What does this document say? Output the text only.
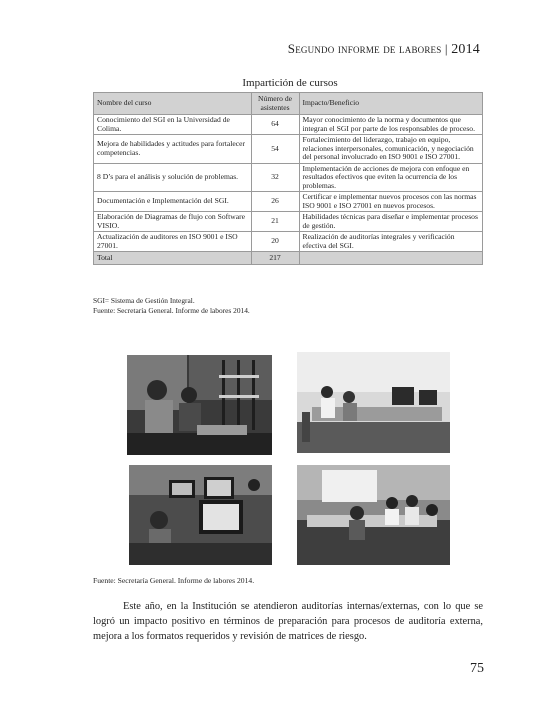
Segundo informe de labores | 2014
Impartición de cursos
Nombre del curso	Número de asistentes	Impacto/Beneficio
Conocimiento del SGI en la Universidad de Colima.	64	Mayor conocimiento de la norma y documentos que integran el SGI por parte de los responsables de proceso.
Mejora de habilidades y actitudes para fortalecer competencias.	54	Fortalecimiento del liderazgo, trabajo en equipo, relaciones interpersonales, comunicación, y negociación del personal involucrado en ISO 9001 e ISO 27001.
8 D’s para el análisis y solución de problemas.	32	Implementación de acciones de mejora con enfoque en resultados efectivos que eviten la ocurrencia de los problemas.
Documentación e Implementación del SGI.	26	Certificar e implementar nuevos procesos con las normas ISO 9001 e ISO 27001 en nuevos procesos.
Elaboración de Diagramas de flujo con Software VISIO.	21	Habilidades técnicas para diseñar e implementar procesos de gestión.
Actualización de auditores en ISO 9001 e ISO 27001.	20	Realización de auditorías integrales y verificación efectiva del SGI.
Total	217	
SGI= Sistema de Gestión Integral.
Fuente: Secretaría General. Informe de labores 2014.
Fuente: Secretaría General. Informe de labores 2014.
Este año, en la Institución se atendieron auditorías internas/externas, con lo que se logró un impacto positivo en términos de preparación para procesos de auditoría externa, mejora a los formatos requeridos y revisión de matrices de riesgo.
75
